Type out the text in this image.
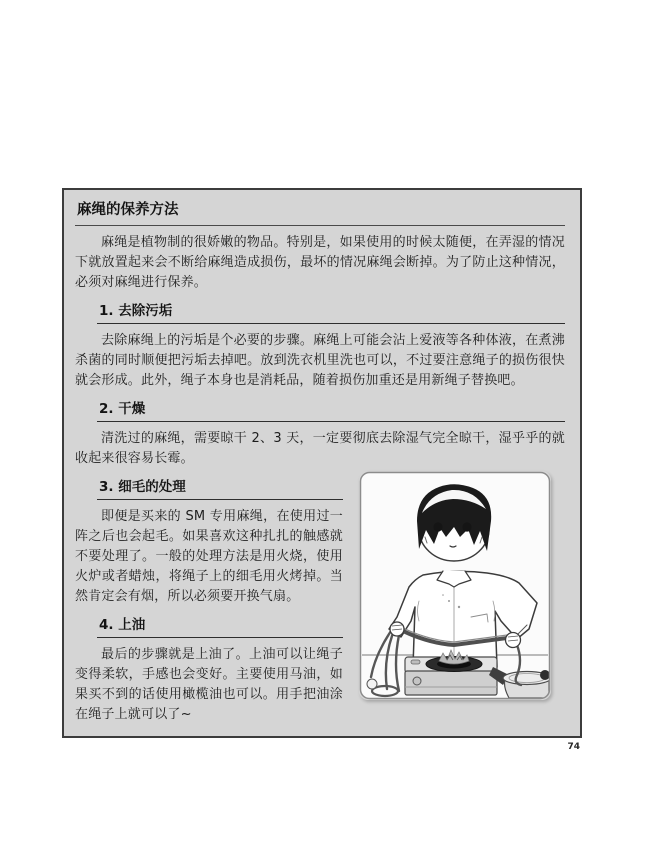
麻绳的保养方法

麻绳是植物制的很娇嫩的物品。特别是，如果使用的时候太随便，在弄湿的情况下就放置起来会不断给麻绳造成损伤，最坏的情况麻绳会断掉。为了防止这种情况，必须对麻绳进行保养。

1. 去除污垢

去除麻绳上的污垢是个必要的步骤。麻绳上可能会沾上爱液等各种体液，在煮沸杀菌的同时顺便把污垢去掉吧。放到洗衣机里洗也可以，不过要注意绳子的损伤很快就会形成。此外，绳子本身也是消耗品，随着损伤加重还是用新绳子替换吧。

2. 干燥

清洗过的麻绳，需要晾干 2、3 天，一定要彻底去除湿气完全晾干，湿乎乎的就收起来很容易长霉。

3. 细毛的处理

即便是买来的 SM 专用麻绳，在使用过一阵之后也会起毛。如果喜欢这种扎扎的触感就不要处理了。一般的处理方法是用火烧，使用火炉或者蜡烛，将绳子上的细毛用火烤掉。当然肯定会有烟，所以必须要开换气扇。

4. 上油

最后的步骤就是上油了。上油可以让绳子变得柔软，手感也会变好。主要使用马油，如果买不到的话使用橄榄油也可以。用手把油涂在绳子上就可以了~

74
